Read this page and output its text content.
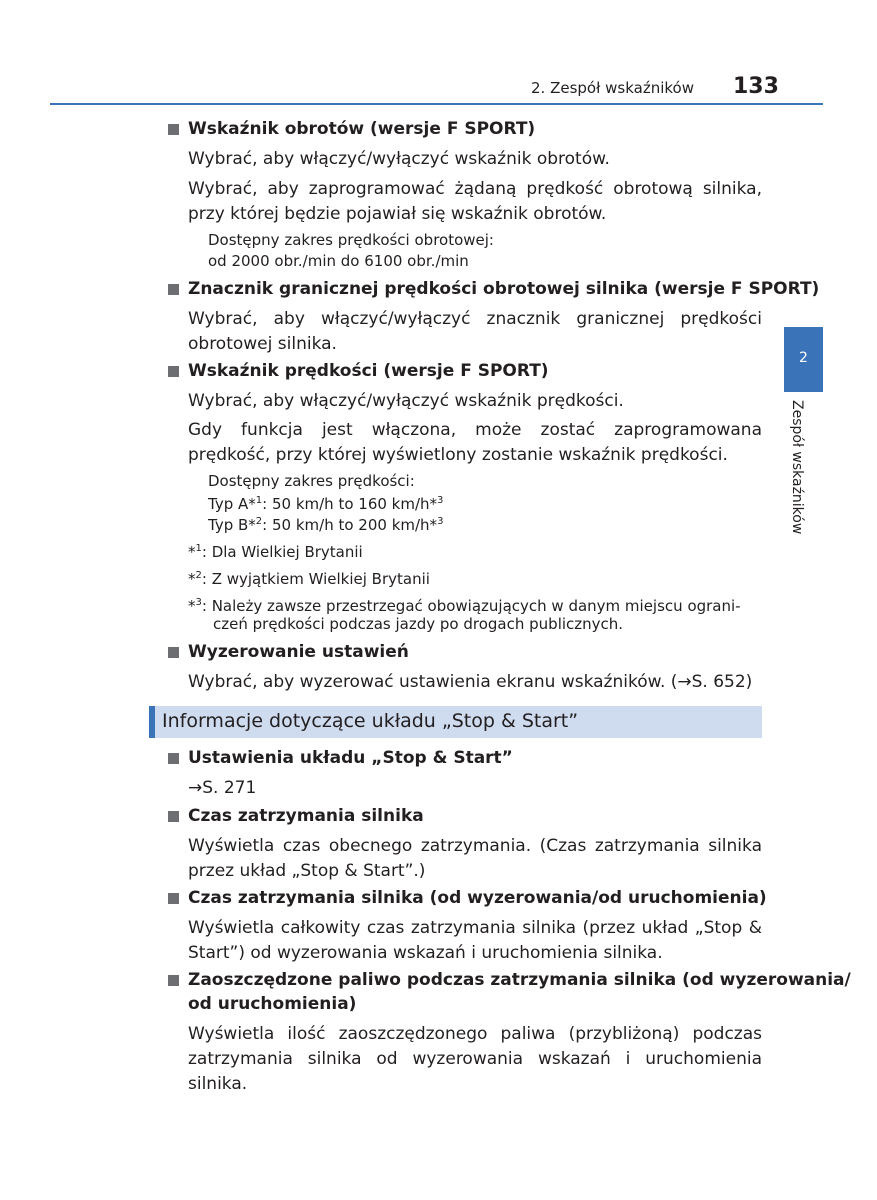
2. Zespół wskaźników 133
2
Zespół wskaźników
Wskaźnik obrotów (wersje F SPORT)
Wybrać, aby włączyć/wyłączyć wskaźnik obrotów.
Wybrać, aby zaprogramować żądaną prędkość obrotową silnika, przy której będzie pojawiał się wskaźnik obrotów.
Dostępny zakres prędkości obrotowej:
od 2000 obr./min do 6100 obr./min
Znacznik granicznej prędkości obrotowej silnika (wersje F SPORT)
Wybrać, aby włączyć/wyłączyć znacznik granicznej prędkości obrotowej silnika.
Wskaźnik prędkości (wersje F SPORT)
Wybrać, aby włączyć/wyłączyć wskaźnik prędkości.
Gdy funkcja jest włączona, może zostać zaprogramowana prędkość, przy której wyświetlony zostanie wskaźnik prędkości.
Dostępny zakres prędkości:
Typ A*$^1$: 50 km/h to 160 km/h*$^3$
Typ B*$^2$: 50 km/h to 200 km/h*$^3$
*$^1$: Dla Wielkiej Brytanii
*$^2$: Z wyjątkiem Wielkiej Brytanii
*$^3$: Należy zawsze przestrzegać obowiązujących w danym miejscu ograni-
czeń prędkości podczas jazdy po drogach publicznych.
Wyzerowanie ustawień
Wybrać, aby wyzerować ustawienia ekranu wskaźników. (→S. 652)
Informacje dotyczące układu „Stop & Start”
Ustawienia układu „Stop & Start”
→S. 271
Czas zatrzymania silnika
Wyświetla czas obecnego zatrzymania. (Czas zatrzymania silnika przez układ „Stop & Start”.)
Czas zatrzymania silnika (od wyzerowania/od uruchomienia)
Wyświetla całkowity czas zatrzymania silnika (przez układ „Stop & Start”) od wyzerowania wskazań i uruchomienia silnika.
Zaoszczędzone paliwo podczas zatrzymania silnika (od wyzerowania/
od uruchomienia)
Wyświetla ilość zaoszczędzonego paliwa (przybliżoną) podczas zatrzymania silnika od wyzerowania wskazań i uruchomienia silnika.
